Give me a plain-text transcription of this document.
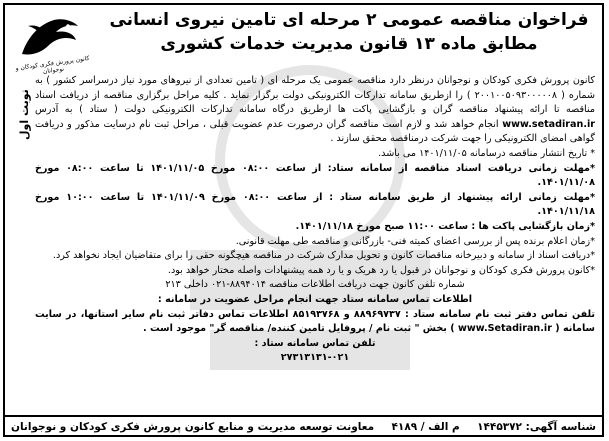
کانون پرورش فکری کودکان و نوجوانان
نوبت اول
فراخوان مناقصه عمومی ۲ مرحله ای تامین نیروی انسانی
مطابق ماده ۱۳ قانون مدیریت خدمات کشوری

کانون پرورش فکری کودکان و نوجوانان درنظر دارد مناقصه عمومی یک مرحله ای ( تامین تعدادی از نیروهای مورد نیاز درسراسر کشور ) به شماره ( ۲۰۰۱۰۰۵۰۹۳۰۰۰۰۰۸ ) را ازطریق سامانه تدارکات الکترونیکی دولت برگزار نماید . کلیه مراحل برگزاری مناقصه از دریافت اسناد مناقصه تا ارائه پیشنهاد مناقصه گران و بازگشایی پاکت ها ازطریق درگاه سامانه تدارکات الکترونیکی دولت ( ستاد ) به آدرس www.setadiran.ir انجام خواهد شد و لازم است مناقصه گران درصورت عدم عضویت قبلی ، مراحل ثبت نام درسایت مذکور و دریافت گواهی امضای الکترونیکی را جهت شرکت درمناقصه محقق سازند .

* تاریخ انتشار مناقصه درسامانه ۱۴۰۱/۱۱/۰۵ می باشد.

*مهلت زمانی دریافت اسناد مناقصه از سامانه ستاد: از ساعت ۰۸:۰۰ مورخ ۱۴۰۱/۱۱/۰۵ تا ساعت ۰۸:۰۰ مورخ ۱۴۰۱/۱۱/۰۸.

*مهلت زمانی ارائه پیشنهاد از طریق سامانه ستاد : از ساعت ۰۸:۰۰ مورخ ۱۴۰۱/۱۱/۰۹ تا ساعت ۱۰:۰۰ مورخ ۱۴۰۱/۱۱/۱۸.

*زمان بازگشایی پاکت ها : ساعت ۱۱:۰۰ صبح مورخ ۱۴۰۱/۱۱/۱۸.

*زمان اعلام برنده پس از بررسی اعضای کمیته فنی- بازرگانی و مناقصه طی مهلت قانونی.

*دریافت اسناد از سامانه و دبیرخانه مناقصات کانون و تحویل مدارک شرکت در مناقصه هیچگونه حقی را برای متقاضیان ایجاد نخواهد کرد.

*کانون پرورش فکری کودکان و نوجوانان در قبول یا رد هریک و یا رد همه پیشنهادات واصله مختار خواهد بود.

شماره تلفن کانون جهت دریافت اطلاعات مناقصه ۸۸۹۴۰۱۴-۰۲۱ داخلی ۲۱۳

اطلاعات تماس سامانه ستاد جهت انجام مراحل عضویت در سامانه :

تلفن تماس دفتر ثبت نام سامانه ستاد : ۸۸۹۶۹۷۳۷ و ۸۵۱۹۳۷۶۸ اطلاعات تماس دفاتر ثبت نام سایر استانها، در سایت سامانه ( www.Setadiran.ir ) بخش " ثبت نام / پروفایل تامین کننده/ مناقصه گر" موجود است .

تلفن تماس سامانه ستاد :
۲۷۳۱۳۱۳۱-۰۲۱

شناسه آگهی: ۱۴۴۵۳۷۲
م الف / ۴۱۸۹
معاونت توسعه مدیریت و منابع کانون پرورش فکری کودکان و نوجوانان
